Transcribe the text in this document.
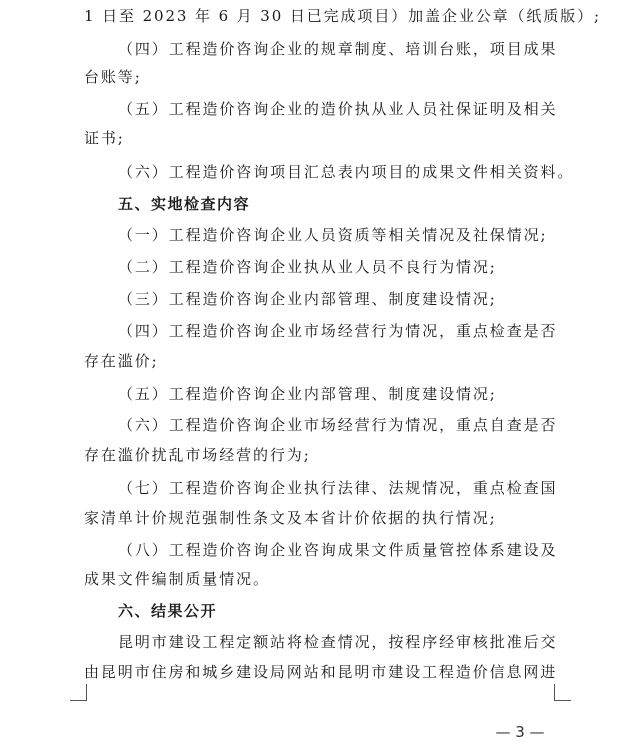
1 日至 2023 年 6 月 30 日已完成项目）加盖企业公章（纸质版）;
（四）工程造价咨询企业的规章制度、培训台账，项目成果
台账等;
（五）工程造价咨询企业的造价执从业人员社保证明及相关
证书;
（六）工程造价咨询项目汇总表内项目的成果文件相关资料。
五、实地检查内容
（一）工程造价咨询企业人员资质等相关情况及社保情况;
（二）工程造价咨询企业执从业人员不良行为情况;
（三）工程造价咨询企业内部管理、制度建设情况;
（四）工程造价咨询企业市场经营行为情况，重点检查是否
存在滥价;
（五）工程造价咨询企业内部管理、制度建设情况;
（六）工程造价咨询企业市场经营行为情况，重点自查是否
存在滥价扰乱市场经营的行为;
（七）工程造价咨询企业执行法律、法规情况，重点检查国
家清单计价规范强制性条文及本省计价依据的执行情况;
（八）工程造价咨询企业咨询成果文件质量管控体系建设及
成果文件编制质量情况。
六、结果公开
昆明市建设工程定额站将检查情况，按程序经审核批准后交
由昆明市住房和城乡建设局网站和昆明市建设工程造价信息网进
— 3 —
